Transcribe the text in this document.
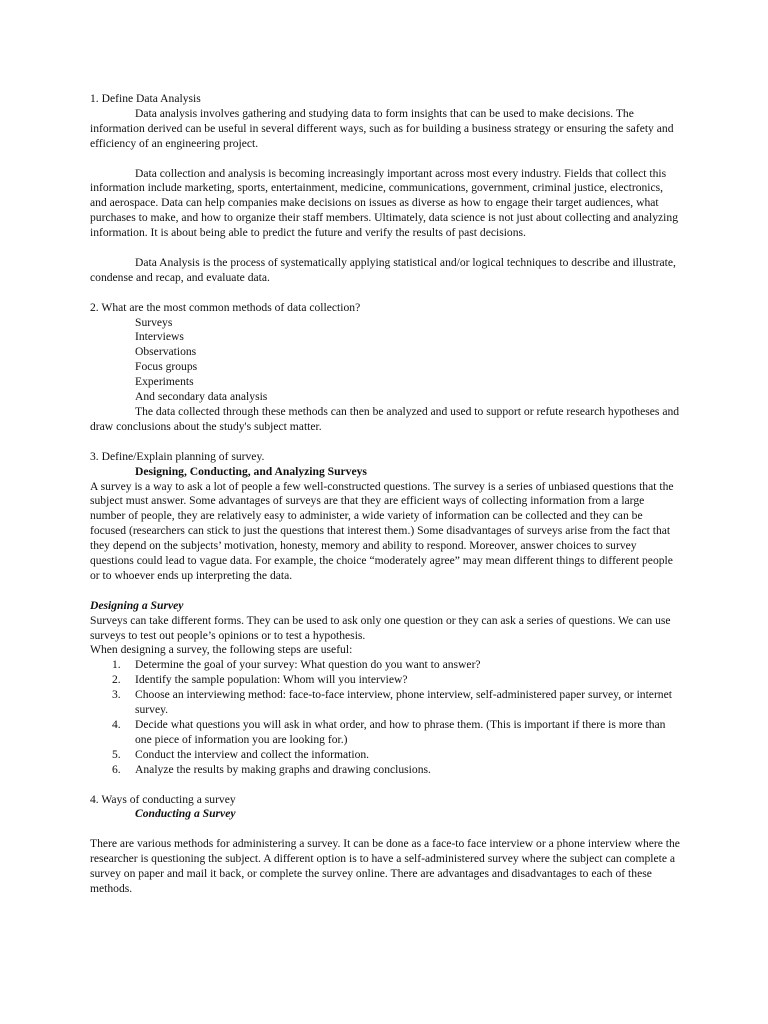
1. Define Data Analysis

Data analysis involves gathering and studying data to form insights that can be used to make decisions. The information derived can be useful in several different ways, such as for building a business strategy or ensuring the safety and efficiency of an engineering project.

Data collection and analysis is becoming increasingly important across most every industry. Fields that collect this information include marketing, sports, entertainment, medicine, communications, government, criminal justice, electronics, and aerospace. Data can help companies make decisions on issues as diverse as how to engage their target audiences, what purchases to make, and how to organize their staff members. Ultimately, data science is not just about collecting and analyzing information. It is about being able to predict the future and verify the results of past decisions.

Data Analysis is the process of systematically applying statistical and/or logical techniques to describe and illustrate, condense and recap, and evaluate data.

2. What are the most common methods of data collection?

Surveys
Interviews
Observations
Focus groups
Experiments
And secondary data analysis

The data collected through these methods can then be analyzed and used to support or refute research hypotheses and draw conclusions about the study's subject matter.

3. Define/Explain planning of survey.

Designing, Conducting, and Analyzing Surveys

A survey is a way to ask a lot of people a few well-constructed questions. The survey is a series of unbiased questions that the subject must answer. Some advantages of surveys are that they are efficient ways of collecting information from a large number of people, they are relatively easy to administer, a wide variety of information can be collected and they can be focused (researchers can stick to just the questions that interest them.) Some disadvantages of surveys arise from the fact that they depend on the subjects’ motivation, honesty, memory and ability to respond. Moreover, answer choices to survey questions could lead to vague data. For example, the choice “moderately agree” may mean different things to different people or to whoever ends up interpreting the data.

Designing a Survey

Surveys can take different forms. They can be used to ask only one question or they can ask a series of questions. We can use surveys to test out people’s opinions or to test a hypothesis.

When designing a survey, the following steps are useful:

1.	Determine the goal of your survey: What question do you want to answer?
2.	Identify the sample population: Whom will you interview?
3.	Choose an interviewing method: face-to-face interview, phone interview, self-administered paper survey, or internet survey.
4.	Decide what questions you will ask in what order, and how to phrase them. (This is important if there is more than one piece of information you are looking for.)
5.	Conduct the interview and collect the information.
6.	Analyze the results by making graphs and drawing conclusions.

4. Ways of conducting a survey

Conducting a Survey

There are various methods for administering a survey. It can be done as a face-to face interview or a phone interview where the researcher is questioning the subject. A different option is to have a self-administered survey where the subject can complete a survey on paper and mail it back, or complete the survey online. There are advantages and disadvantages to each of these methods.
